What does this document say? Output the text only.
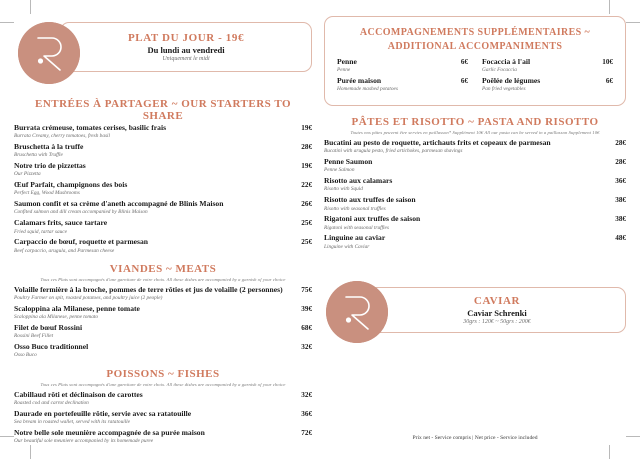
PLAT DU JOUR - 19€
Du lundi au vendredi
Uniquement le midi
ENTRÉES À PARTAGER ~ OUR STARTERS TO SHARE
Burrata crémeuse, tomates cerises, basilic frais	19€
Burrata Creamy, cherry tomatoes, fresh basil
Bruschetta à la truffe	28€
Bruschetta with Truffle
Notre trio de pizzettas	19€
Our Pizzetta
Œuf Parfait, champignons des bois	22€
Perfect Egg, Wood Mushrooms
Saumon confit et sa crème d'aneth accompagné de Blinis Maison	26€
Confited salmon and dill cream accompanied by Blinis Maison
Calamars frits, sauce tartare	25€
Fried squid, tartar sauce
Carpaccio de bœuf, roquette et parmesan	25€
Beef carpaccio, arugula, and Parmesan cheese
VIANDES ~ MEATS
Tous ces Plats sont accompagnés d'une garniture de votre choix. All these dishes are accompanied by a garnish of your choice
Volaille fermière à la broche, pommes de terre rôties et jus de volaille (2 personnes)	75€
Poultry Farmer on spit, roasted potatoes, and poultry juice (2 people)
Scaloppina ala Milanese, penne tomate	39€
Scaloppina ala Milanese, penne tomato
Filet de bœuf Rossini	68€
Rossini Beef Fillet
Osso Buco traditionnel	32€
Osso Buco
POISSONS ~ FISHES
Tous ces Plats sont accompagnés d'une garniture de votre choix. All these dishes are accompanied by a garnish of your choice
Cabillaud rôti et déclinaison de carottes	32€
Roasted cod and carrot declination
Daurade en portefeuille rôtie, servie avec sa ratatouille	36€
Sea bream in roasted wallet, served with its ratatouille
Notre belle sole meunière accompagnée de sa purée maison	72€
Our beautiful sole meuniere accompanied by its homemade puree
ACCOMPAGNEMENTS SUPPLÉMENTAIRES ~ ADDITIONAL ACCOMPANIMENTS
Penne	6€
Penne
Purée maison	6€
Homemade mashed potatoes
Focaccia à l'ail	10€
Garlic Focaccia
Poêlée de légumes	6€
Pan fried vegetables
PÂTES ET RISOTTO ~ PASTA AND RISOTTO
Toutes nos pâtes peuvent être servies en paillasson* Supplément 10€ All our pasta can be served in a paillasson Supplement 10€
Bucatini au pesto de roquette, artichauts frits et copeaux de parmesan	28€
Bucatini with arugula pesto, fried artichokes, parmesan shavings
Penne Saumon	28€
Penne Salmon
Risotto aux calamars	36€
Risotto with Squid
Risotto aux truffes de saison	38€
Risotto with seasonal truffles
Rigatoni aux truffes de saison	38€
Rigatoni with seasonal truffles
Linguine au caviar	48€
Linguine with Caviar
CAVIAR
Caviar Schrenki
30grs : 120€ ~ 50grs : 200€
Prix net - Service compris | Net price - Service included
